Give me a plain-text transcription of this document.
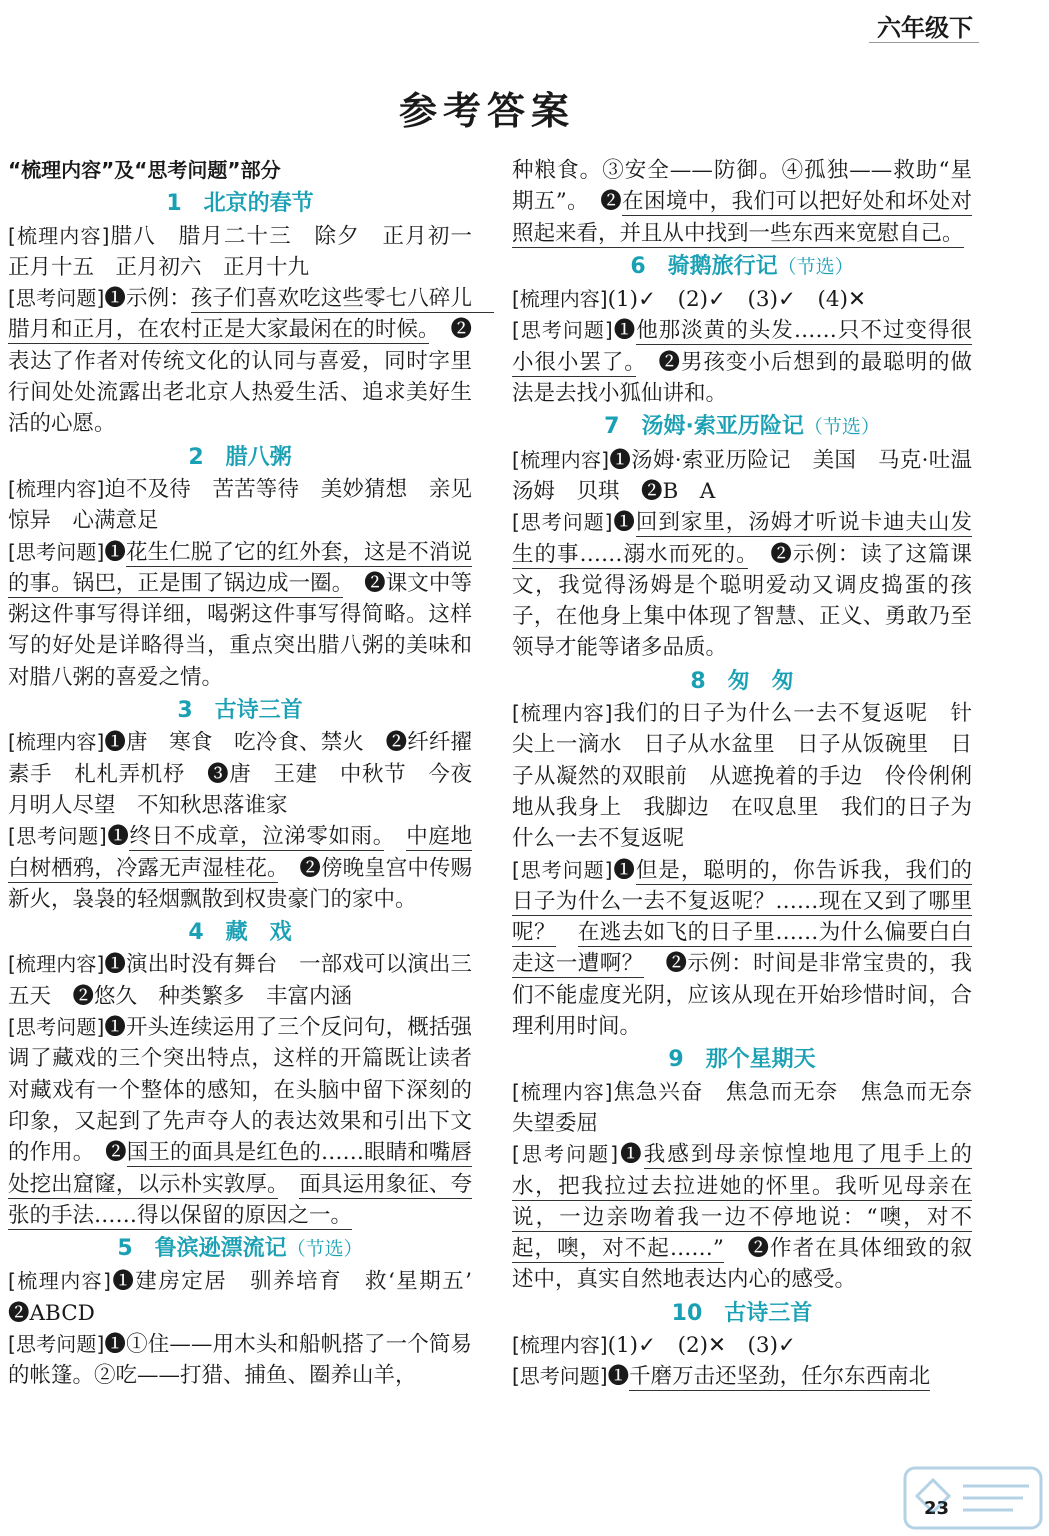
六年级下
参考答案
“梳理内容”及“思考问题”部分
1 北京的春节

[梳理内容]腊八　腊月二十三　除夕　正月初一　正月十五　正月初六　正月十九

[思考问题]❶示例：孩子们喜欢吃这些零七八碎儿　腊月和正月，在农村正是大家最闲在的时候。　❷表达了作者对传统文化的认同与喜爱，同时字里行间处处流露出老北京人热爱生活、追求美好生活的心愿。

2 腊八粥

[梳理内容]迫不及待　苦苦等待　美妙猜想　亲见惊异　心满意足

[思考问题]❶花生仁脱了它的红外套，这是不消说的事。锅巴，正是围了锅边成一圈。　❷课文中等粥这件事写得详细，喝粥这件事写得简略。这样写的好处是详略得当，重点突出腊八粥的美味和对腊八粥的喜爱之情。

3 古诗三首

[梳理内容]❶唐　寒食　吃冷食、禁火　❷纤纤擢素手　札札弄机杼　❸唐　王建　中秋节　今夜月明人尽望　不知秋思落谁家

[思考问题]❶终日不成章，泣涕零如雨。　 中庭地白树栖鸦，冷露无声湿桂花。　❷傍晚皇宫中传赐新火，袅袅的轻烟飘散到权贵豪门的家中。

4 藏　戏

[梳理内容]❶演出时没有舞台　一部戏可以演出三五天　❷悠久　种类繁多　丰富内涵

[思考问题]❶开头连续运用了三个反问句，概括强调了藏戏的三个突出特点，这样的开篇既让读者对藏戏有一个整体的感知，在头脑中留下深刻的印象，又起到了先声夺人的表达效果和引出下文的作用。　❷国王的面具是红色的……眼睛和嘴唇处挖出窟窿，以示朴实敦厚。　 面具运用象征、夸张的手法……得以保留的原因之一。

5 鲁滨逊漂流记（节选）

[梳理内容]❶建房定居　驯养培育　救‘星期五’　❷ABCD

[思考问题]❶①住——用木头和船帆搭了一个简易的帐篷。②吃——打猎、捕鱼、圈养山羊，

种粮食。③安全——防御。④孤独——救助“星期五”。　❷在困境中，我们可以把好处和坏处对照起来看，并且从中找到一些东西来宽慰自己。

6 骑鹅旅行记（节选）

[梳理内容](1)✓　(2)✓　(3)✓　(4)✕

[思考问题]❶他那淡黄的头发……只不过变得很小很小罢了。　❷男孩变小后想到的最聪明的做法是去找小狐仙讲和。

7 汤姆·索亚历险记（节选）

[梳理内容]❶汤姆·索亚历险记　美国　马克·吐温　汤姆　贝琪　❷B　A

[思考问题]❶回到家里，汤姆才听说卡迪夫山发生的事……溺水而死的。　❷示例：读了这篇课文，我觉得汤姆是个聪明爱动又调皮捣蛋的孩子，在他身上集中体现了智慧、正义、勇敢乃至领导才能等诸多品质。

8 匆　匆

[梳理内容]我们的日子为什么一去不复返呢　针尖上一滴水　日子从水盆里　日子从饭碗里　日子从凝然的双眼前　从遮挽着的手边　伶伶俐俐地从我身上　我脚边　在叹息里　我们的日子为什么一去不复返呢

[思考问题]❶但是，聪明的，你告诉我，我们的日子为什么一去不复返呢？……现在又到了哪里呢？　 在逃去如飞的日子里……为什么偏要白白走这一遭啊？　❷示例：时间是非常宝贵的，我们不能虚度光阴，应该从现在开始珍惜时间，合理利用时间。

9 那个星期天

[梳理内容]焦急兴奋　焦急而无奈　焦急而无奈　失望委屈

[思考问题]❶我感到母亲惊惶地甩了甩手上的水，把我拉过去拉进她的怀里。我听见母亲在说，一边亲吻着我一边不停地说：“噢，对不起，噢，对不起……”　❷作者在具体细致的叙述中，真实自然地表达内心的感受。

10 古诗三首

[梳理内容](1)✓　(2)✕　(3)✓

[思考问题]❶千磨万击还坚劲，任尔东西南北

23
